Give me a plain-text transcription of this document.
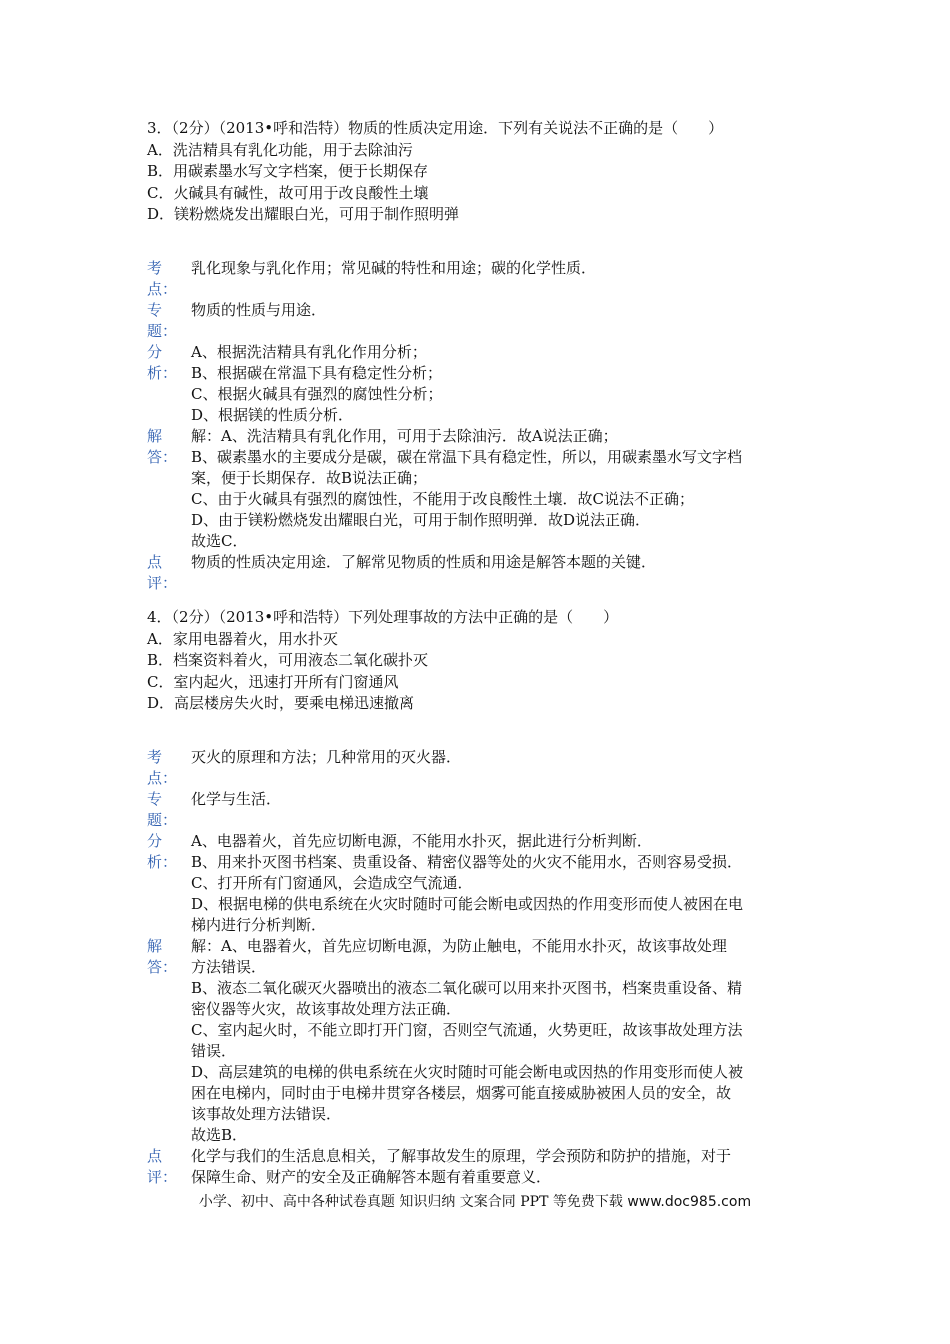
3．（2分）（2013•呼和浩特）物质的性质决定用途．下列有关说法不正确的是（　　）
A．洗洁精具有乳化功能，用于去除油污
B．用碳素墨水写文字档案，便于长期保存
C．火碱具有碱性，故可用于改良酸性土壤
D．镁粉燃烧发出耀眼白光，可用于制作照明弹
考
点：
乳化现象与乳化作用；常见碱的特性和用途；碳的化学性质．
专
题：
物质的性质与用途．
分
析：
A、根据洗洁精具有乳化作用分析；
B、根据碳在常温下具有稳定性分析；
C、根据火碱具有强烈的腐蚀性分析；
D、根据镁的性质分析．
解
答：
解：A、洗洁精具有乳化作用，可用于去除油污．故A说法正确；
B、碳素墨水的主要成分是碳，碳在常温下具有稳定性，所以，用碳素墨水写文字档
案，便于长期保存．故B说法正确；
C、由于火碱具有强烈的腐蚀性，不能用于改良酸性土壤．故C说法不正确；
D、由于镁粉燃烧发出耀眼白光，可用于制作照明弹．故D说法正确．
故选C．
点
评：
物质的性质决定用途．了解常见物质的性质和用途是解答本题的关键．
4．（2分）（2013•呼和浩特）下列处理事故的方法中正确的是（　　）
A．家用电器着火，用水扑灭
B．档案资料着火，可用液态二氧化碳扑灭
C．室内起火，迅速打开所有门窗通风
D．高层楼房失火时，要乘电梯迅速撤离
考
点：
灭火的原理和方法；几种常用的灭火器．
专
题：
化学与生活．
分
析：
A、电器着火，首先应切断电源，不能用水扑灭，据此进行分析判断．
B、用来扑灭图书档案、贵重设备、精密仪器等处的火灾不能用水，否则容易受损．
C、打开所有门窗通风，会造成空气流通．
D、根据电梯的供电系统在火灾时随时可能会断电或因热的作用变形而使人被困在电
梯内进行分析判断．
解
答：
解：A、电器着火，首先应切断电源，为防止触电，不能用水扑灭，故该事故处理
方法错误．
B、液态二氧化碳灭火器喷出的液态二氧化碳可以用来扑灭图书，档案贵重设备、精
密仪器等火灾，故该事故处理方法正确．
C、室内起火时，不能立即打开门窗，否则空气流通，火势更旺，故该事故处理方法
错误．
D、高层建筑的电梯的供电系统在火灾时随时可能会断电或因热的作用变形而使人被
困在电梯内，同时由于电梯井贯穿各楼层，烟雾可能直接威胁被困人员的安全，故
该事故处理方法错误．
故选B．
点
评：
化学与我们的生活息息相关，了解事故发生的原理，学会预防和防护的措施，对于
保障生命、财产的安全及正确解答本题有着重要意义．
小学、初中、高中各种试卷真题 知识归纳 文案合同 PPT 等免费下载 www.doc985.com
